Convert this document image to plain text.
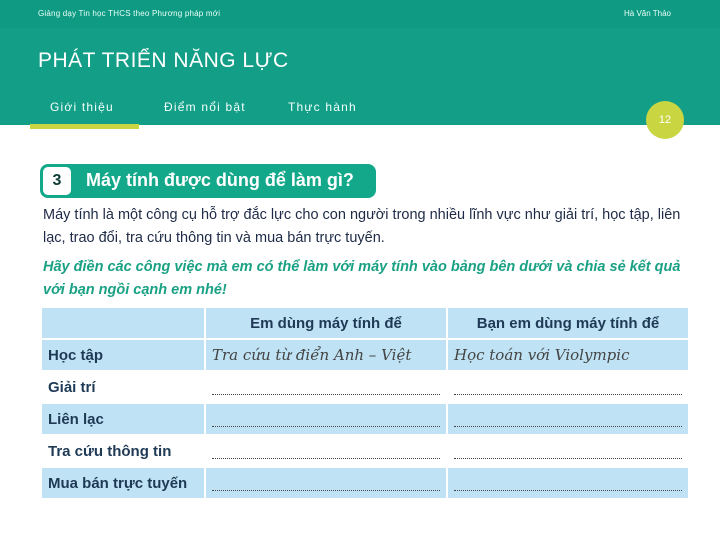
Giảng dạy Tin học THCS theo Phương pháp mới	Hà Văn Thảo
PHÁT TRIỂN NĂNG LỰC
Giới thiệu	Điểm nổi bật	Thực hành
12
3	Máy tính được dùng để làm gì?
Máy tính là một công cụ hỗ trợ đắc lực cho con người trong nhiều lĩnh vực như giải trí, học tập, liên lạc, trao đổi, tra cứu thông tin và mua bán trực tuyến.
Hãy điền các công việc mà em có thể làm với máy tính vào bảng bên dưới và chia sẻ kết quả với bạn ngồi cạnh em nhé!
	Em dùng máy tính để	Bạn em dùng máy tính để
Học tập	Tra cứu từ điển Anh – Việt	Học toán với Violympic
Giải trí	

Liên lạc	

Tra cứu thông tin	

Mua bán trực tuyến	
